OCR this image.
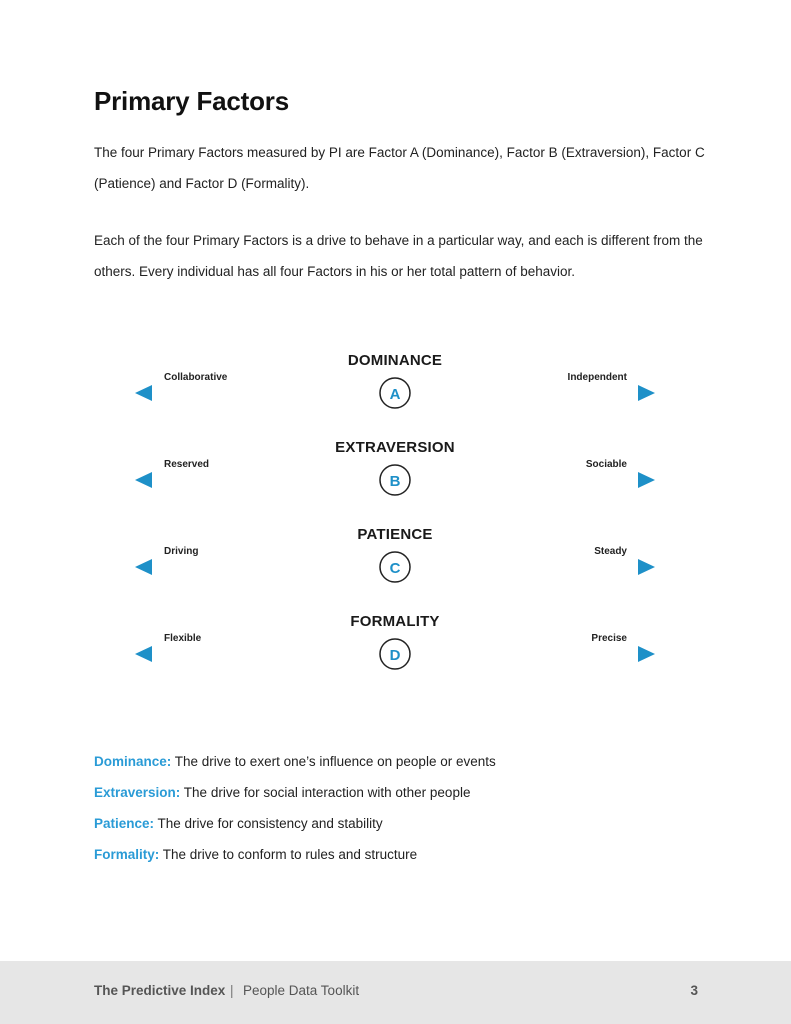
Primary Factors

The four Primary Factors measured by PI are Factor A (Dominance), Factor B (Extraversion), Factor C (Patience) and Factor D (Formality).

Each of the four Primary Factors is a drive to behave in a particular way, and each is different from the others. Every individual has all four Factors in his or her total pattern of behavior.

DOMINANCE
Collaborative	Independent
A
EXTRAVERSION
Reserved	Sociable
B
PATIENCE
Driving	Steady
C
FORMALITY
Flexible	Precise
D
Dominance: The drive to exert one’s influence on people or events
Extraversion: The drive for social interaction with other people
Patience: The drive for consistency and stability
Formality: The drive to conform to rules and structure
The Predictive Index | People Data Toolkit	3
